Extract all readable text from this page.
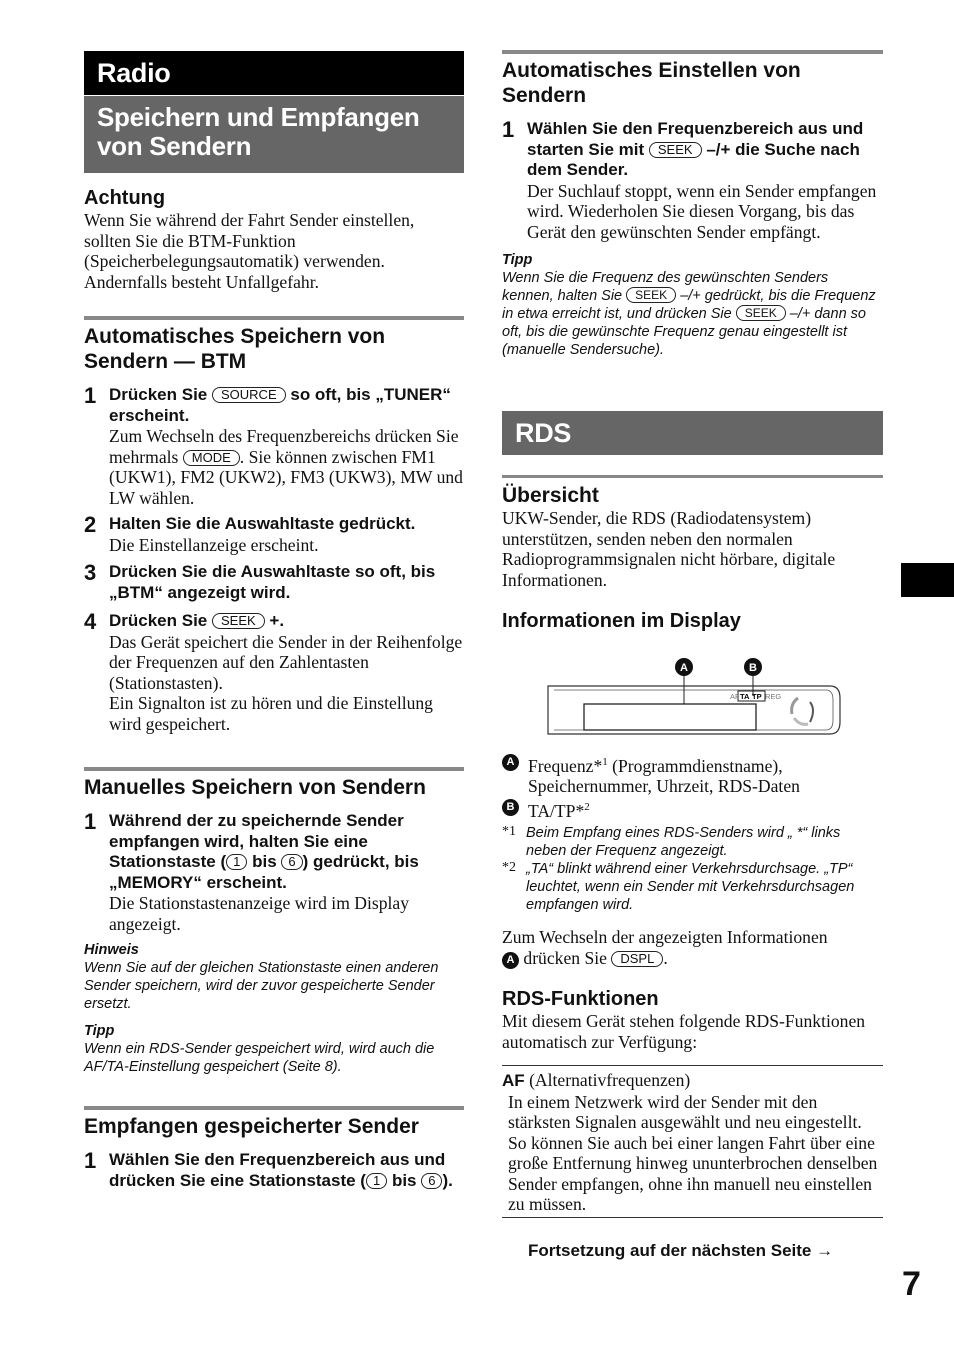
Radio
Speichern und Empfangen von Sendern
Achtung
Wenn Sie während der Fahrt Sender einstellen, sollten Sie die BTM-Funktion (Speicherbelegungsautomatik) verwenden. Andernfalls besteht Unfallgefahr.
Automatisches Speichern von Sendern — BTM
1 Drücken Sie SOURCE so oft, bis „TUNER“ erscheint.
Zum Wechseln des Frequenzbereichs drücken Sie mehrmals MODE . Sie können zwischen FM1 (UKW1), FM2 (UKW2), FM3 (UKW3), MW und LW wählen.
2 Halten Sie die Auswahltaste gedrückt.
Die Einstellanzeige erscheint.
3 Drücken Sie die Auswahltaste so oft, bis „BTM“ angezeigt wird.
4 Drücken Sie SEEK +.
Das Gerät speichert die Sender in der Reihenfolge der Frequenzen auf den Zahlentasten (Stationstasten).
Ein Signalton ist zu hören und die Einstellung wird gespeichert.
Manuelles Speichern von Sendern
1 Während der zu speichernde Sender empfangen wird, halten Sie eine Stationstaste ( 1 bis 6 ) gedrückt, bis „MEMORY“ erscheint.
Die Stationstastenanzeige wird im Display angezeigt.
Hinweis
Wenn Sie auf der gleichen Stationstaste einen anderen Sender speichern, wird der zuvor gespeicherte Sender ersetzt.
Tipp
Wenn ein RDS-Sender gespeichert wird, wird auch die AF/TA-Einstellung gespeichert (Seite 8).
Empfangen gespeicherter Sender
1 Wählen Sie den Frequenzbereich aus und drücken Sie eine Stationstaste ( 1 bis 6 ).
Automatisches Einstellen von Sendern
1 Wählen Sie den Frequenzbereich aus und starten Sie mit SEEK –/+ die Suche nach dem Sender.
Der Suchlauf stoppt, wenn ein Sender empfangen wird. Wiederholen Sie diesen Vorgang, bis das Gerät den gewünschten Sender empfängt.
Tipp
Wenn Sie die Frequenz des gewünschten Senders kennen, halten Sie SEEK –/+ gedrückt, bis die Frequenz in etwa erreicht ist, und drücken Sie SEEK –/+ dann so oft, bis die gewünschte Frequenz genau eingestellt ist (manuelle Sendersuche).
RDS
Übersicht
UKW-Sender, die RDS (Radiodatensystem) unterstützen, senden neben den normalen Radioprogrammsignalen nicht hörbare, digitale Informationen.
Informationen im Display
AF TA TP REG
A	B
A Frequenz*$^1$ (Programmdienstname), Speichernummer, Uhrzeit, RDS-Daten
B TA/TP*$^2$
*1 Beim Empfang eines RDS-Senders wird „ *“ links neben der Frequenz angezeigt.
*2 „TA“ blinkt während einer Verkehrsdurchsage. „TP“ leuchtet, wenn ein Sender mit Verkehrsdurchsagen empfangen wird.
Zum Wechseln der angezeigten Informationen
A drücken Sie DSPL .
RDS-Funktionen
Mit diesem Gerät stehen folgende RDS-Funktionen automatisch zur Verfügung:
AF (Alternativfrequenzen)
In einem Netzwerk wird der Sender mit den stärksten Signalen ausgewählt und neu eingestellt. So können Sie auch bei einer langen Fahrt über eine große Entfernung hinweg ununterbrochen denselben Sender empfangen, ohne ihn manuell neu einstellen zu müssen.
Fortsetzung auf der nächsten Seite →
7
